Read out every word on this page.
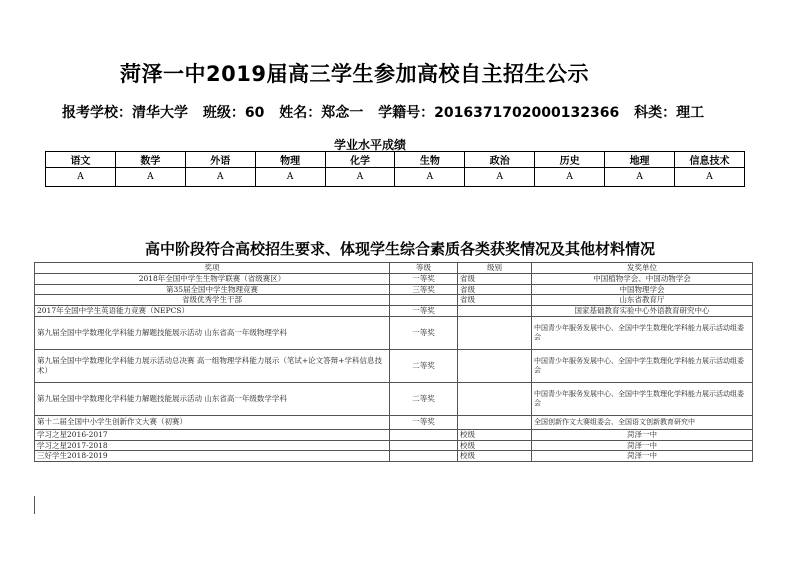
菏泽一中2019届高三学生参加高校自主招生公示
报考学校：清华大学 班级：60 姓名：郑念一 学籍号：2016371702000132366 科类：理工
学业水平成绩
语文	数学	外语	物理	化学	生物	政治	历史	地理	信息技术
A	A	A	A	A	A	A	A	A	A
高中阶段符合高校招生要求、体现学生综合素质各类获奖情况及其他材料情况
奖项	等级	级别	发奖单位
2018年全国中学生生物学联赛（省级赛区）	一等奖	省级	中国植物学会、中国动物学会
第35届全国中学生物理竞赛	三等奖	省级	中国物理学会
省级优秀学生干部		省级	山东省教育厅
2017年全国中学生英语能力竞赛（NEPCS）	一等奖		国家基础教育实验中心外语教育研究中心
第九届全国中学数理化学科能力解题技能展示活动 山东省高一年级物理学科	一等奖		中国青少年服务发展中心、全国中学生数理化学科能力展示活动组委会
第九届全国中学数理化学科能力展示活动总决赛 高一组物理学科能力展示（笔试+论文答辩+学科信息技术）	二等奖		中国青少年服务发展中心、全国中学生数理化学科能力展示活动组委会
第九届全国中学数理化学科能力解题技能展示活动 山东省高一年级数学学科	二等奖		中国青少年服务发展中心、全国中学生数理化学科能力展示活动组委会
第十二届全国中小学生创新作文大赛（初赛）	一等奖		全国创新作文大赛组委会、全国语文创新教育研究中
学习之星2016-2017		校级	菏泽一中
学习之星2017-2018		校级	菏泽一中
三好学生2018-2019		校级	菏泽一中
